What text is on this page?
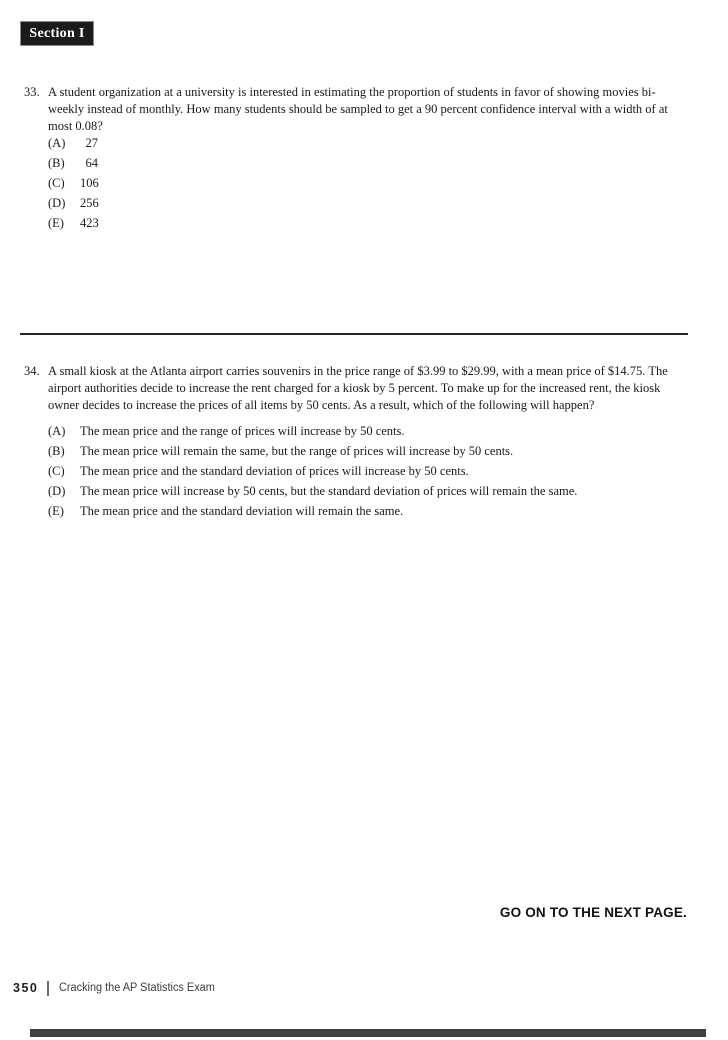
Section I
33. A student organization at a university is interested in estimating the proportion of students in favor of showing movies bi-
weekly instead of monthly. How many students should be sampled to get a 90 percent confidence interval with a width of at
most 0.08?
(A)	27
(B)	64
(C)	106
(D)	256
(E)	423
34. A small kiosk at the Atlanta airport carries souvenirs in the price range of $3.99 to $29.99, with a mean price of $14.75. The
airport authorities decide to increase the rent charged for a kiosk by 5 percent. To make up for the increased rent, the kiosk
owner decides to increase the prices of all items by 50 cents. As a result, which of the following will happen?
(A)	The mean price and the range of prices will increase by 50 cents.
(B)	The mean price will remain the same, but the range of prices will increase by 50 cents.
(C)	The mean price and the standard deviation of prices will increase by 50 cents.
(D)	The mean price will increase by 50 cents, but the standard deviation of prices will remain the same.
(E)	The mean price and the standard deviation will remain the same.
GO ON TO THE NEXT PAGE.
350 Cracking the AP Statistics Exam
